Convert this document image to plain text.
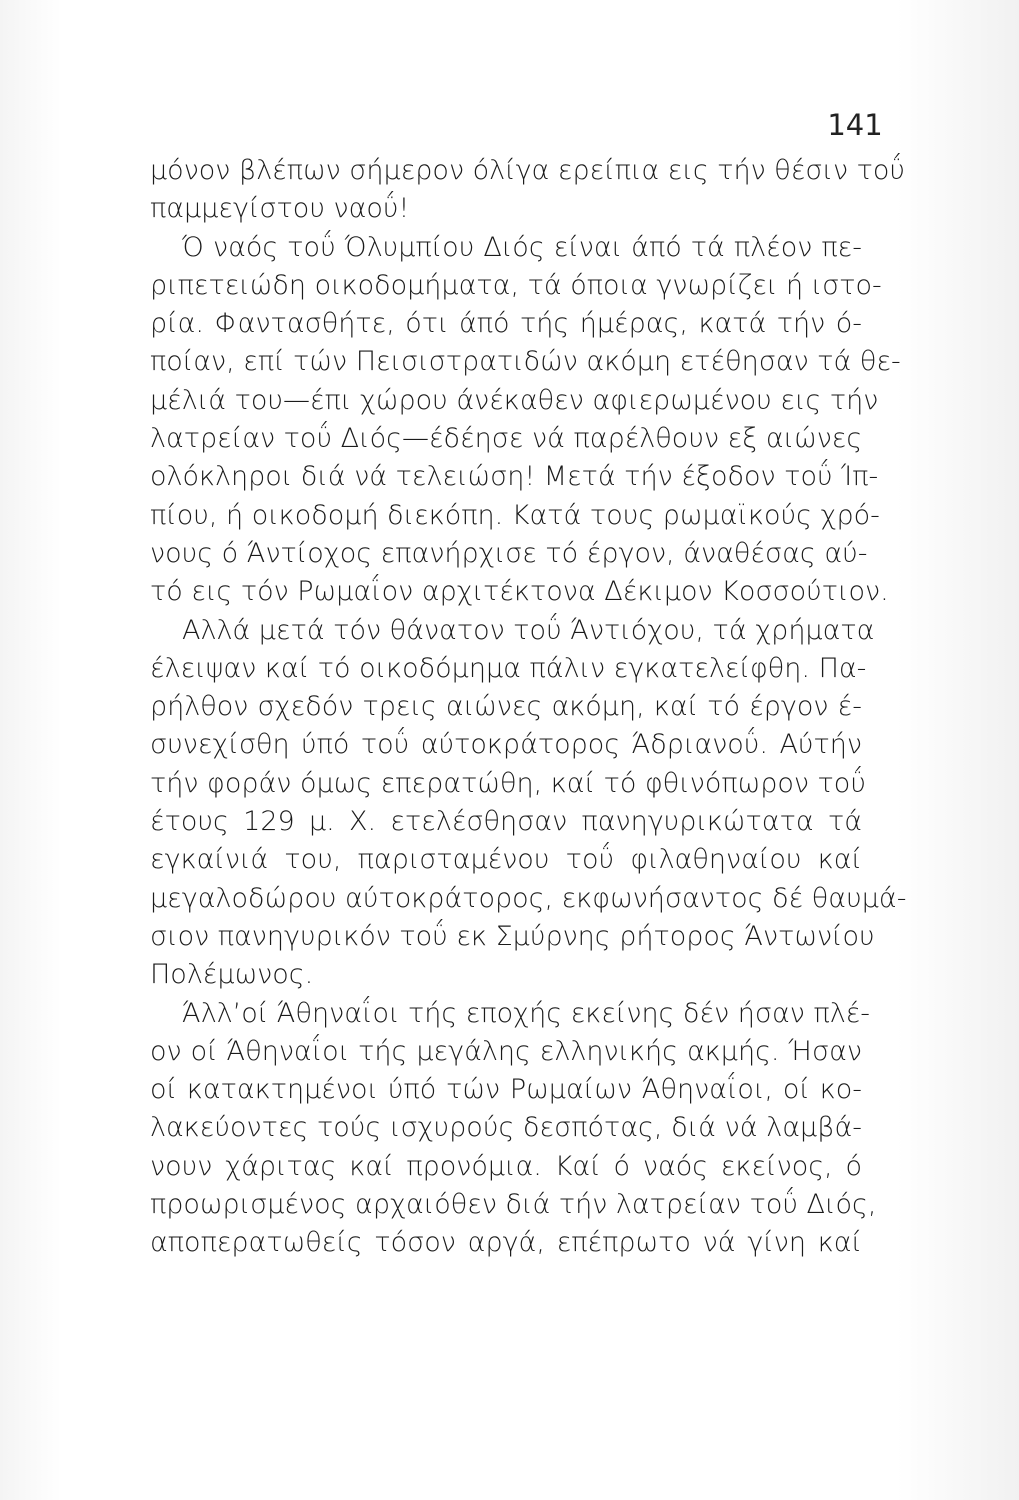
141
μόνον βλέπων σήμερον όλίγα ερείπια εις τήν θέσιν τοΰ
παμμεγίστου ναοΰ!
Ό ναός τοΰ Όλυμπίου Διός είναι άπό τά πλέον πε-
ριπετειώδη οικοδομήματα, τά όποια γνωρίζει ή ιστο-
ρία. Φαντασθήτε, ότι άπό τής ήμέρας, κατά τήν ό-
ποίαν, επί τών Πεισιστρατιδών ακόμη ετέθησαν τά θε-
μέλιά του—έπι χώρου άνέκαθεν αφιερωμένου εις τήν
λατρείαν τοΰ Διός—έδέησε νά παρέλθουν εξ αιώνες
ολόκληροι διά νά τελειώση! Μετά τήν έξοδον τοΰ Ίπ-
πίου, ή οικοδομή διεκόπη. Κατά τους ρωμαϊκούς χρό-
νους ό Άντίοχος επανήρχισε τό έργον, άναθέσας αύ-
τό εις τόν Ρωμαΐον αρχιτέκτονα Δέκιμον Κοσσούτιον.
Αλλά μετά τόν θάνατον τοΰ Άντιόχου, τά χρήματα
έλειψαν καί τό οικοδόμημα πάλιν εγκατελείφθη. Πα-
ρήλθον σχεδόν τρεις αιώνες ακόμη, καί τό έργον έ-
συνεχίσθη ύπό τοΰ αύτοκράτορος Άδριανοΰ. Αύτήν
τήν φοράν όμως επερατώθη, καί τό φθινόπωρον τοΰ
έτους 129 μ. Χ. ετελέσθησαν πανηγυρικώτατα τά
εγκαίνιά του, παρισταμένου τοΰ φιλαθηναίου καί
μεγαλοδώρου αύτοκράτορος, εκφωνήσαντος δέ θαυμά-
σιον πανηγυρικόν τοΰ εκ Σμύρνης ρήτορος Άντωνίου
Πολέμωνος.
Άλλ’οί Άθηναΐοι τής εποχής εκείνης δέν ήσαν πλέ-
ον οί Άθηναΐοι τής μεγάλης ελληνικής ακμής. Ήσαν
οί κατακτημένοι ύπό τών Ρωμαίων Άθηναΐοι, οί κο-
λακεύοντες τούς ισχυρούς δεσπότας, διά νά λαμβά-
νουν χάριτας καί προνόμια. Καί ό ναός εκείνος, ό
προωρισμένος αρχαιόθεν διά τήν λατρείαν τοΰ Διός,
αποπερατωθείς τόσον αργά, επέπρωτο νά γίνη καί
